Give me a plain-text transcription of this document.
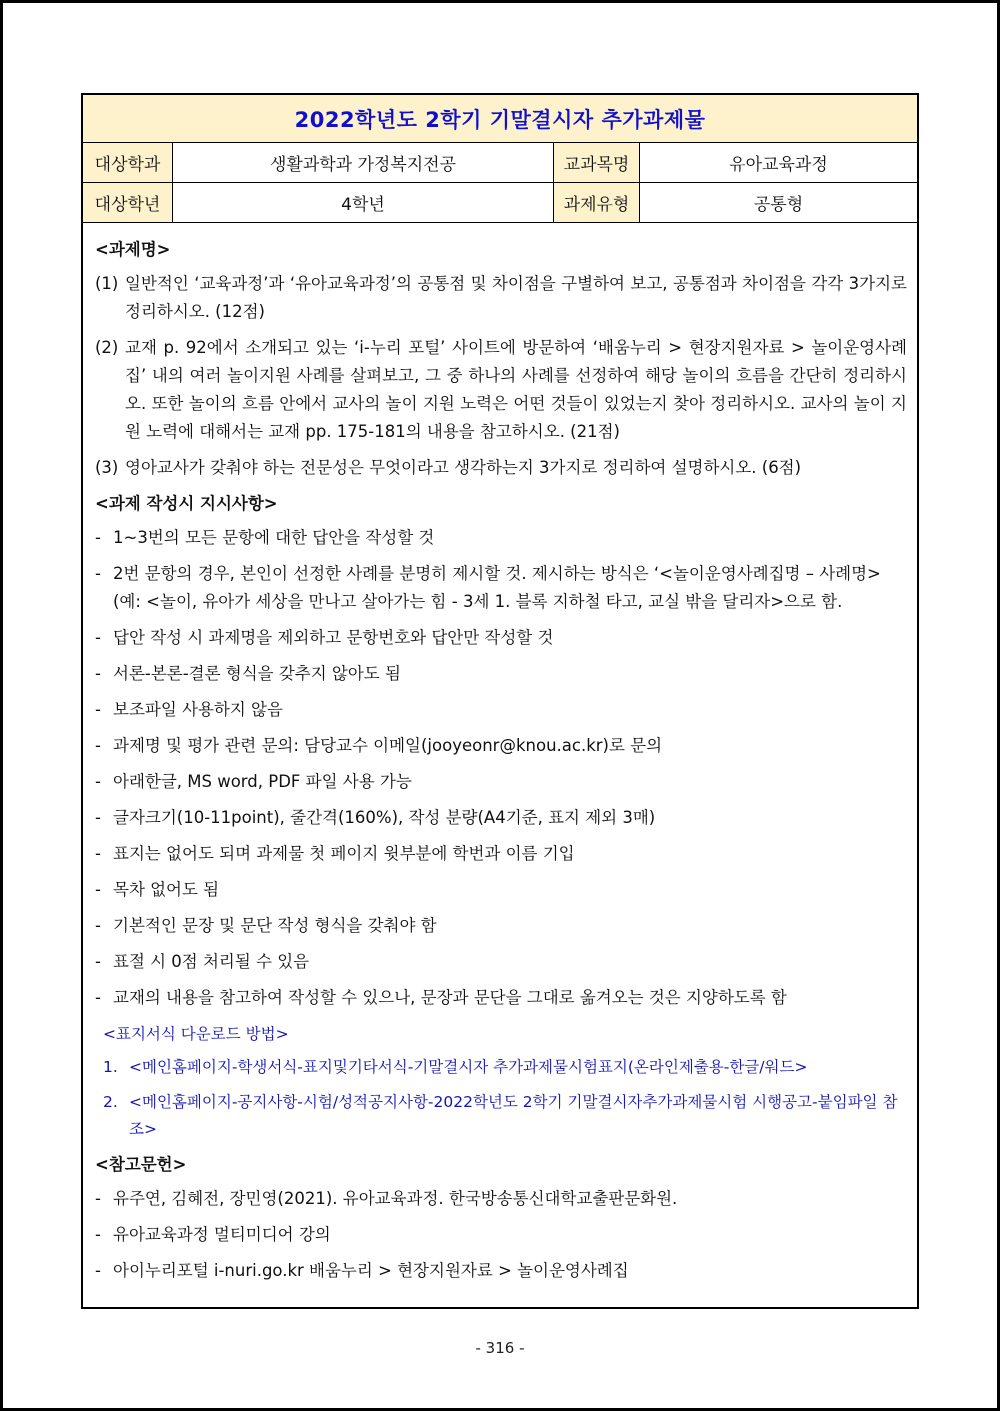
2022학년도 2학기 기말결시자 추가과제물
대상학과	생활과학과 가정복지전공	교과목명	유아교육과정
대상학년	4학년	과제유형	공통형
<과제명>
(1) 일반적인 ‘교육과정’과 ‘유아교육과정’의 공통점 및 차이점을 구별하여 보고, 공통점과 차이점을 각각 3가지로 정리하시오. (12점)
(2) 교재 p. 92에서 소개되고 있는 ‘i-누리 포털’ 사이트에 방문하여 ‘배움누리 > 현장지원자료 > 놀이운영사례집’ 내의 여러 놀이지원 사례를 살펴보고, 그 중 하나의 사례를 선정하여 해당 놀이의 흐름을 간단히 정리하시오. 또한 놀이의 흐름 안에서 교사의 놀이 지원 노력은 어떤 것들이 있었는지 찾아 정리하시오. 교사의 놀이 지원 노력에 대해서는 교재 pp. 175-181의 내용을 참고하시오. (21점)
(3) 영아교사가 갖춰야 하는 전문성은 무엇이라고 생각하는지 3가지로 정리하여 설명하시오. (6점)
<과제 작성시 지시사항>
- 1~3번의 모든 문항에 대한 답안을 작성할 것
- 2번 문항의 경우, 본인이 선정한 사례를 분명히 제시할 것. 제시하는 방식은 ‘<놀이운영사례집명 – 사례명> (예: <놀이, 유아가 세상을 만나고 살아가는 힘 - 3세 1. 블록 지하철 타고, 교실 밖을 달리자>으로 함.
- 답안 작성 시 과제명을 제외하고 문항번호와 답안만 작성할 것
- 서론-본론-결론 형식을 갖추지 않아도 됨
- 보조파일 사용하지 않음
- 과제명 및 평가 관련 문의: 담당교수 이메일(jooyeonr@knou.ac.kr)로 문의
- 아래한글, MS word, PDF 파일 사용 가능
- 글자크기(10-11point), 줄간격(160%), 작성 분량(A4기준, 표지 제외 3매)
- 표지는 없어도 되며 과제물 첫 페이지 윗부분에 학번과 이름 기입
- 목차 없어도 됨
- 기본적인 문장 및 문단 작성 형식을 갖춰야 함
- 표절 시 0점 처리될 수 있음
- 교재의 내용을 참고하여 작성할 수 있으나, 문장과 문단을 그대로 옮겨오는 것은 지양하도록 함
<표지서식 다운로드 방법>
1. <메인홈페이지-학생서식-표지및기타서식-기말결시자 추가과제물시험표지(온라인제출용-한글/워드>
2. <메인홈페이지-공지사항-시험/성적공지사항-2022학년도 2학기 기말결시자추가과제물시험 시행공고-붙임파일 참조>
<참고문헌>
- 유주연, 김혜전, 장민영(2021). 유아교육과정. 한국방송통신대학교출판문화원.
- 유아교육과정 멀티미디어 강의
- 아이누리포털 i-nuri.go.kr 배움누리 > 현장지원자료 > 놀이운영사례집
- 316 -
